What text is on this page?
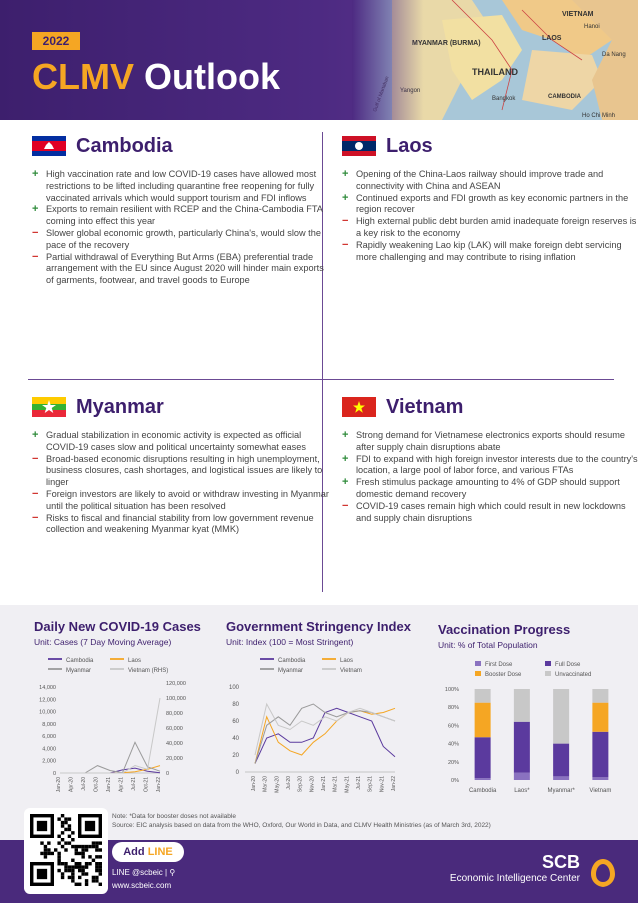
2022
CLMV Outlook
Cambodia
+ High vaccination rate and low COVID-19 cases have allowed most restrictions to be lifted including quarantine free reopening for fully vaccinated arrivals which would support tourism and FDI inflows
+ Exports to remain resilient with RCEP and the China-Cambodia FTA coming into effect this year
− Slower global economic growth, particularly China's, would slow the pace of the recovery
− Partial withdrawal of Everything But Arms (EBA) preferential trade arrangement with the EU since August 2020 will hinder main exports of garments, footwear, and travel goods to Europe
Laos
+ Opening of the China-Laos railway should improve trade and connectivity with China and ASEAN
+ Continued exports and FDI growth as key economic partners in the region recover
− High external public debt burden amid inadequate foreign reserves is a key risk to the economy
− Rapidly weakening Lao kip (LAK) will make foreign debt servicing more challenging and may contribute to rising inflation
Myanmar
+ Gradual stabilization in economic activity is expected as official COVID-19 cases slow and political uncertainty somewhat eases
− Broad-based economic disruptions resulting in high unemployment, business closures, cash shortages, and logistical issues are likely to linger
− Foreign investors are likely to avoid or withdraw investing in Myanmar until the political situation has been resolved
− Risks to fiscal and financial stability from low government revenue collection and weakening Myanmar kyat (MMK)
Vietnam
+ Strong demand for Vietnamese electronics exports should resume after supply chain disruptions abate
+ FDI to expand with high foreign investor interests due to the country's location, a large pool of labor force, and various FTAs
+ Fresh stimulus package amounting to 4% of GDP should support domestic demand recovery
− COVID-19 cases remain high which could result in new lockdowns and supply chain disruptions
Daily New COVID-19 Cases
Unit: Cases (7 Day Moving Average)
Government Stringency Index
Unit: Index (100 = Most Stringent)
Vaccination Progress
Unit: % of Total Population
Cambodia	Laos
Myanmar	Vietnam (RHS)
14,000
12,000
10,000
8,000
6,000
4,000
2,000
0
120,000
100,000
80,000
60,000
40,000
20,000
0
Jan-20 Apr-20 Jul-20 Oct-20 Jan-21 Apr-21 Jul-21 Oct-21 Jan-22
Cambodia	Laos
Myanmar	Vietnam
100
80
60
40
20
0
Jan-20 Mar-20 May-20 Jul-20 Sep-20 Nov-20 Jan-21 Mar-21 May-21 Jul-21 Sep-21 Nov-21 Jan-22
First Dose	Full Dose
Booster Dose	Unvaccinated
100%
80%
60%
40%
20%
0%
Cambodia	Laos*	Myanmar* Vietnam
Note: *Data for booster doses not available
Source: EIC analysis based on data from the WHO, Oxford, Our World in Data, and CLMV Health Ministries (as of March 3rd, 2022)
Add LINE
LINE @scbeic | ⚲
www.scbeic.com
SCB
Economic Intelligence Center
